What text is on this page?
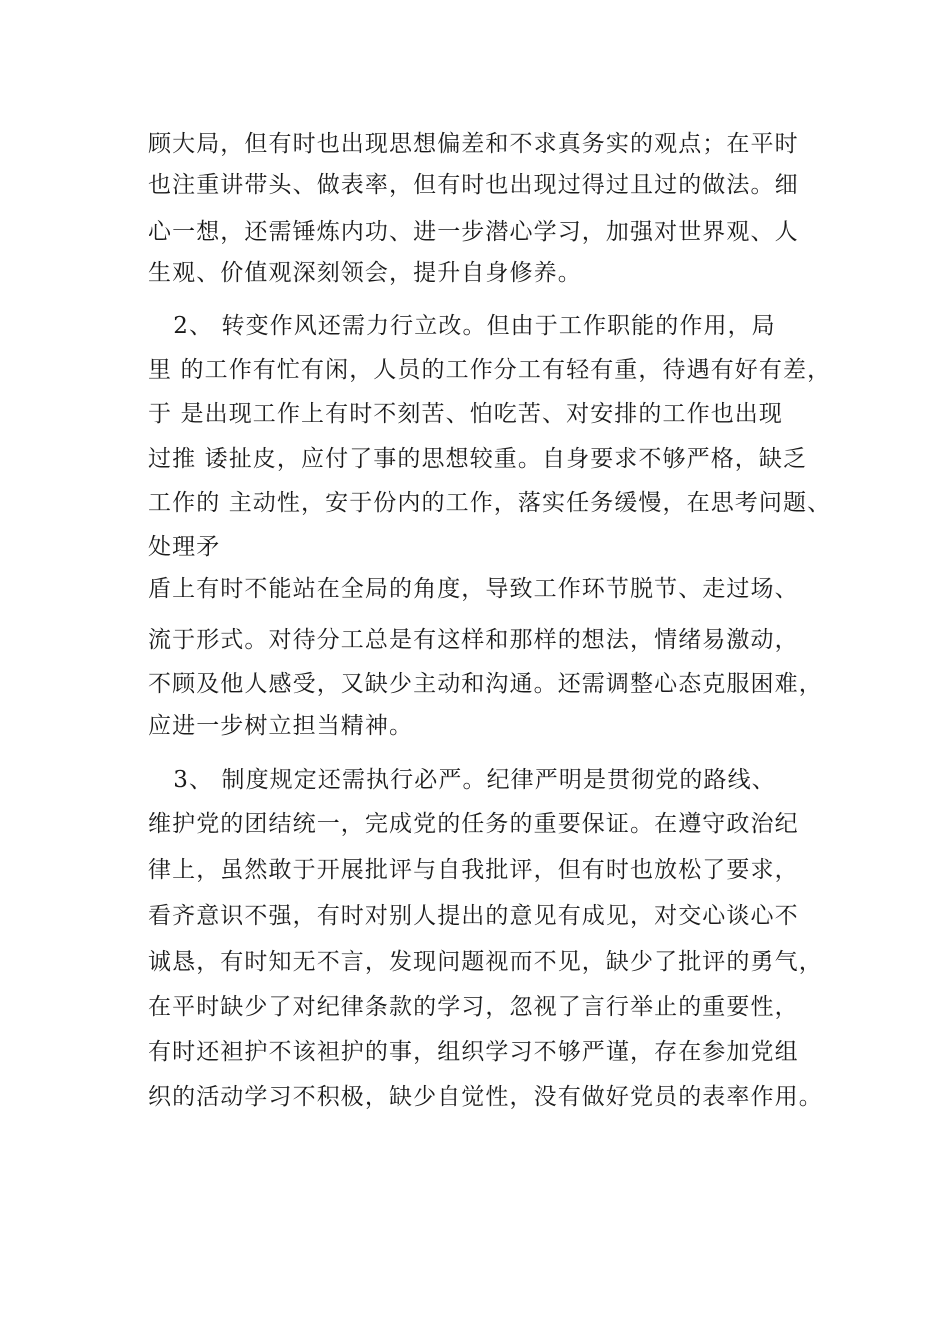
顾大局，但有时也出现思想偏差和不求真务实的观点；在平时
也注重讲带头、做表率，但有时也出现过得过且过的做法。细
心一想，还需锤炼内功、进一步潜心学习，加强对世界观、人
生观、价值观深刻领会，提升自身修养。
2、 转变作风还需力行立改。但由于工作职能的作用，局
里 的工作有忙有闲，人员的工作分工有轻有重，待遇有好有差，
于 是出现工作上有时不刻苦、怕吃苦、对安排的工作也出现
过推 诿扯皮，应付了事的思想较重。自身要求不够严格，缺乏
工作的 主动性，安于份内的工作，落实任务缓慢，在思考问题、
处理矛
盾上有时不能站在全局的角度，导致工作环节脱节、走过场、
流于形式。对待分工总是有这样和那样的想法，情绪易激动，
不顾及他人感受，又缺少主动和沟通。还需调整心态克服困难，
应进一步树立担当精神。
3、 制度规定还需执行必严。纪律严明是贯彻党的路线、
维护党的团结统一，完成党的任务的重要保证。在遵守政治纪
律上，虽然敢于开展批评与自我批评，但有时也放松了要求，
看齐意识不强，有时对别人提出的意见有成见，对交心谈心不
诚恳，有时知无不言，发现问题视而不见，缺少了批评的勇气，
在平时缺少了对纪律条款的学习，忽视了言行举止的重要性，
有时还袒护不该袒护的事，组织学习不够严谨，存在参加党组
织的活动学习不积极，缺少自觉性，没有做好党员的表率作用。
